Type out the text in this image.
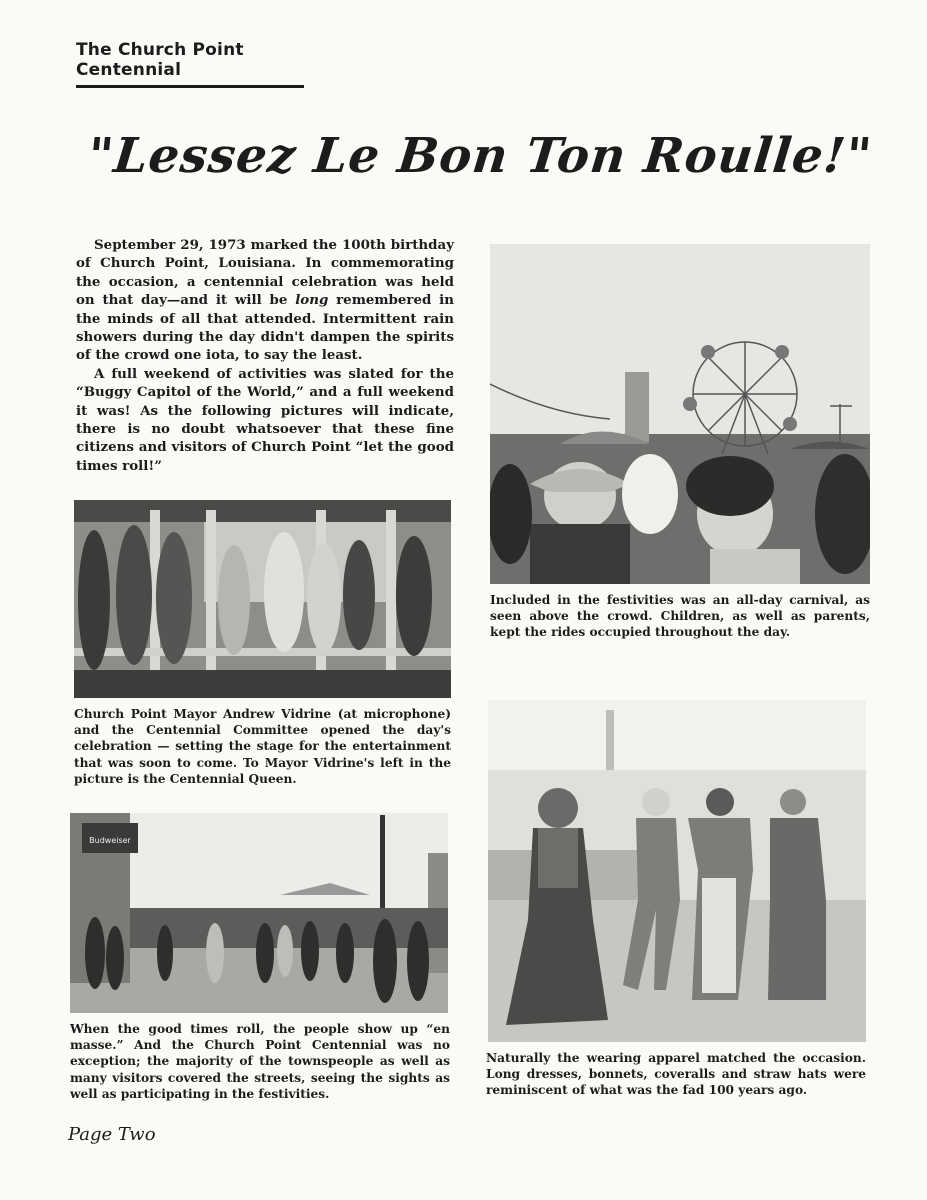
The Church Point Centennial
"Lessez Le Bon Ton Roulle!"

September 29, 1973 marked the 100th birthday of Church Point, Louisiana. In commemorating the occasion, a centennial celebration was held on that day—and it will be long remembered in the minds of all that attended. Intermittent rain showers during the day didn't dampen the spirits of the crowd one iota, to say the least.

A full weekend of activities was slated for the “Buggy Capitol of the World,” and a full weekend it was! As the following pictures will indicate, there is no doubt whatsoever that these fine citizens and visitors of Church Point “let the good times roll!”

Included in the festivities was an all-day carnival, as seen above the crowd. Children, as well as parents, kept the rides occupied throughout the day.

Church Point Mayor Andrew Vidrine (at microphone) and the Centennial Committee opened the day's celebration — setting the stage for the entertainment that was soon to come. To Mayor Vidrine's left in the picture is the Centennial Queen.

Budweiser

When the good times roll, the people show up “en masse.” And the Church Point Centennial was no exception; the majority of the townspeople as well as many visitors covered the streets, seeing the sights as well as participating in the festivities.

Naturally the wearing apparel matched the occasion. Long dresses, bonnets, coveralls and straw hats were reminiscent of what was the fad 100 years ago.

Page Two
